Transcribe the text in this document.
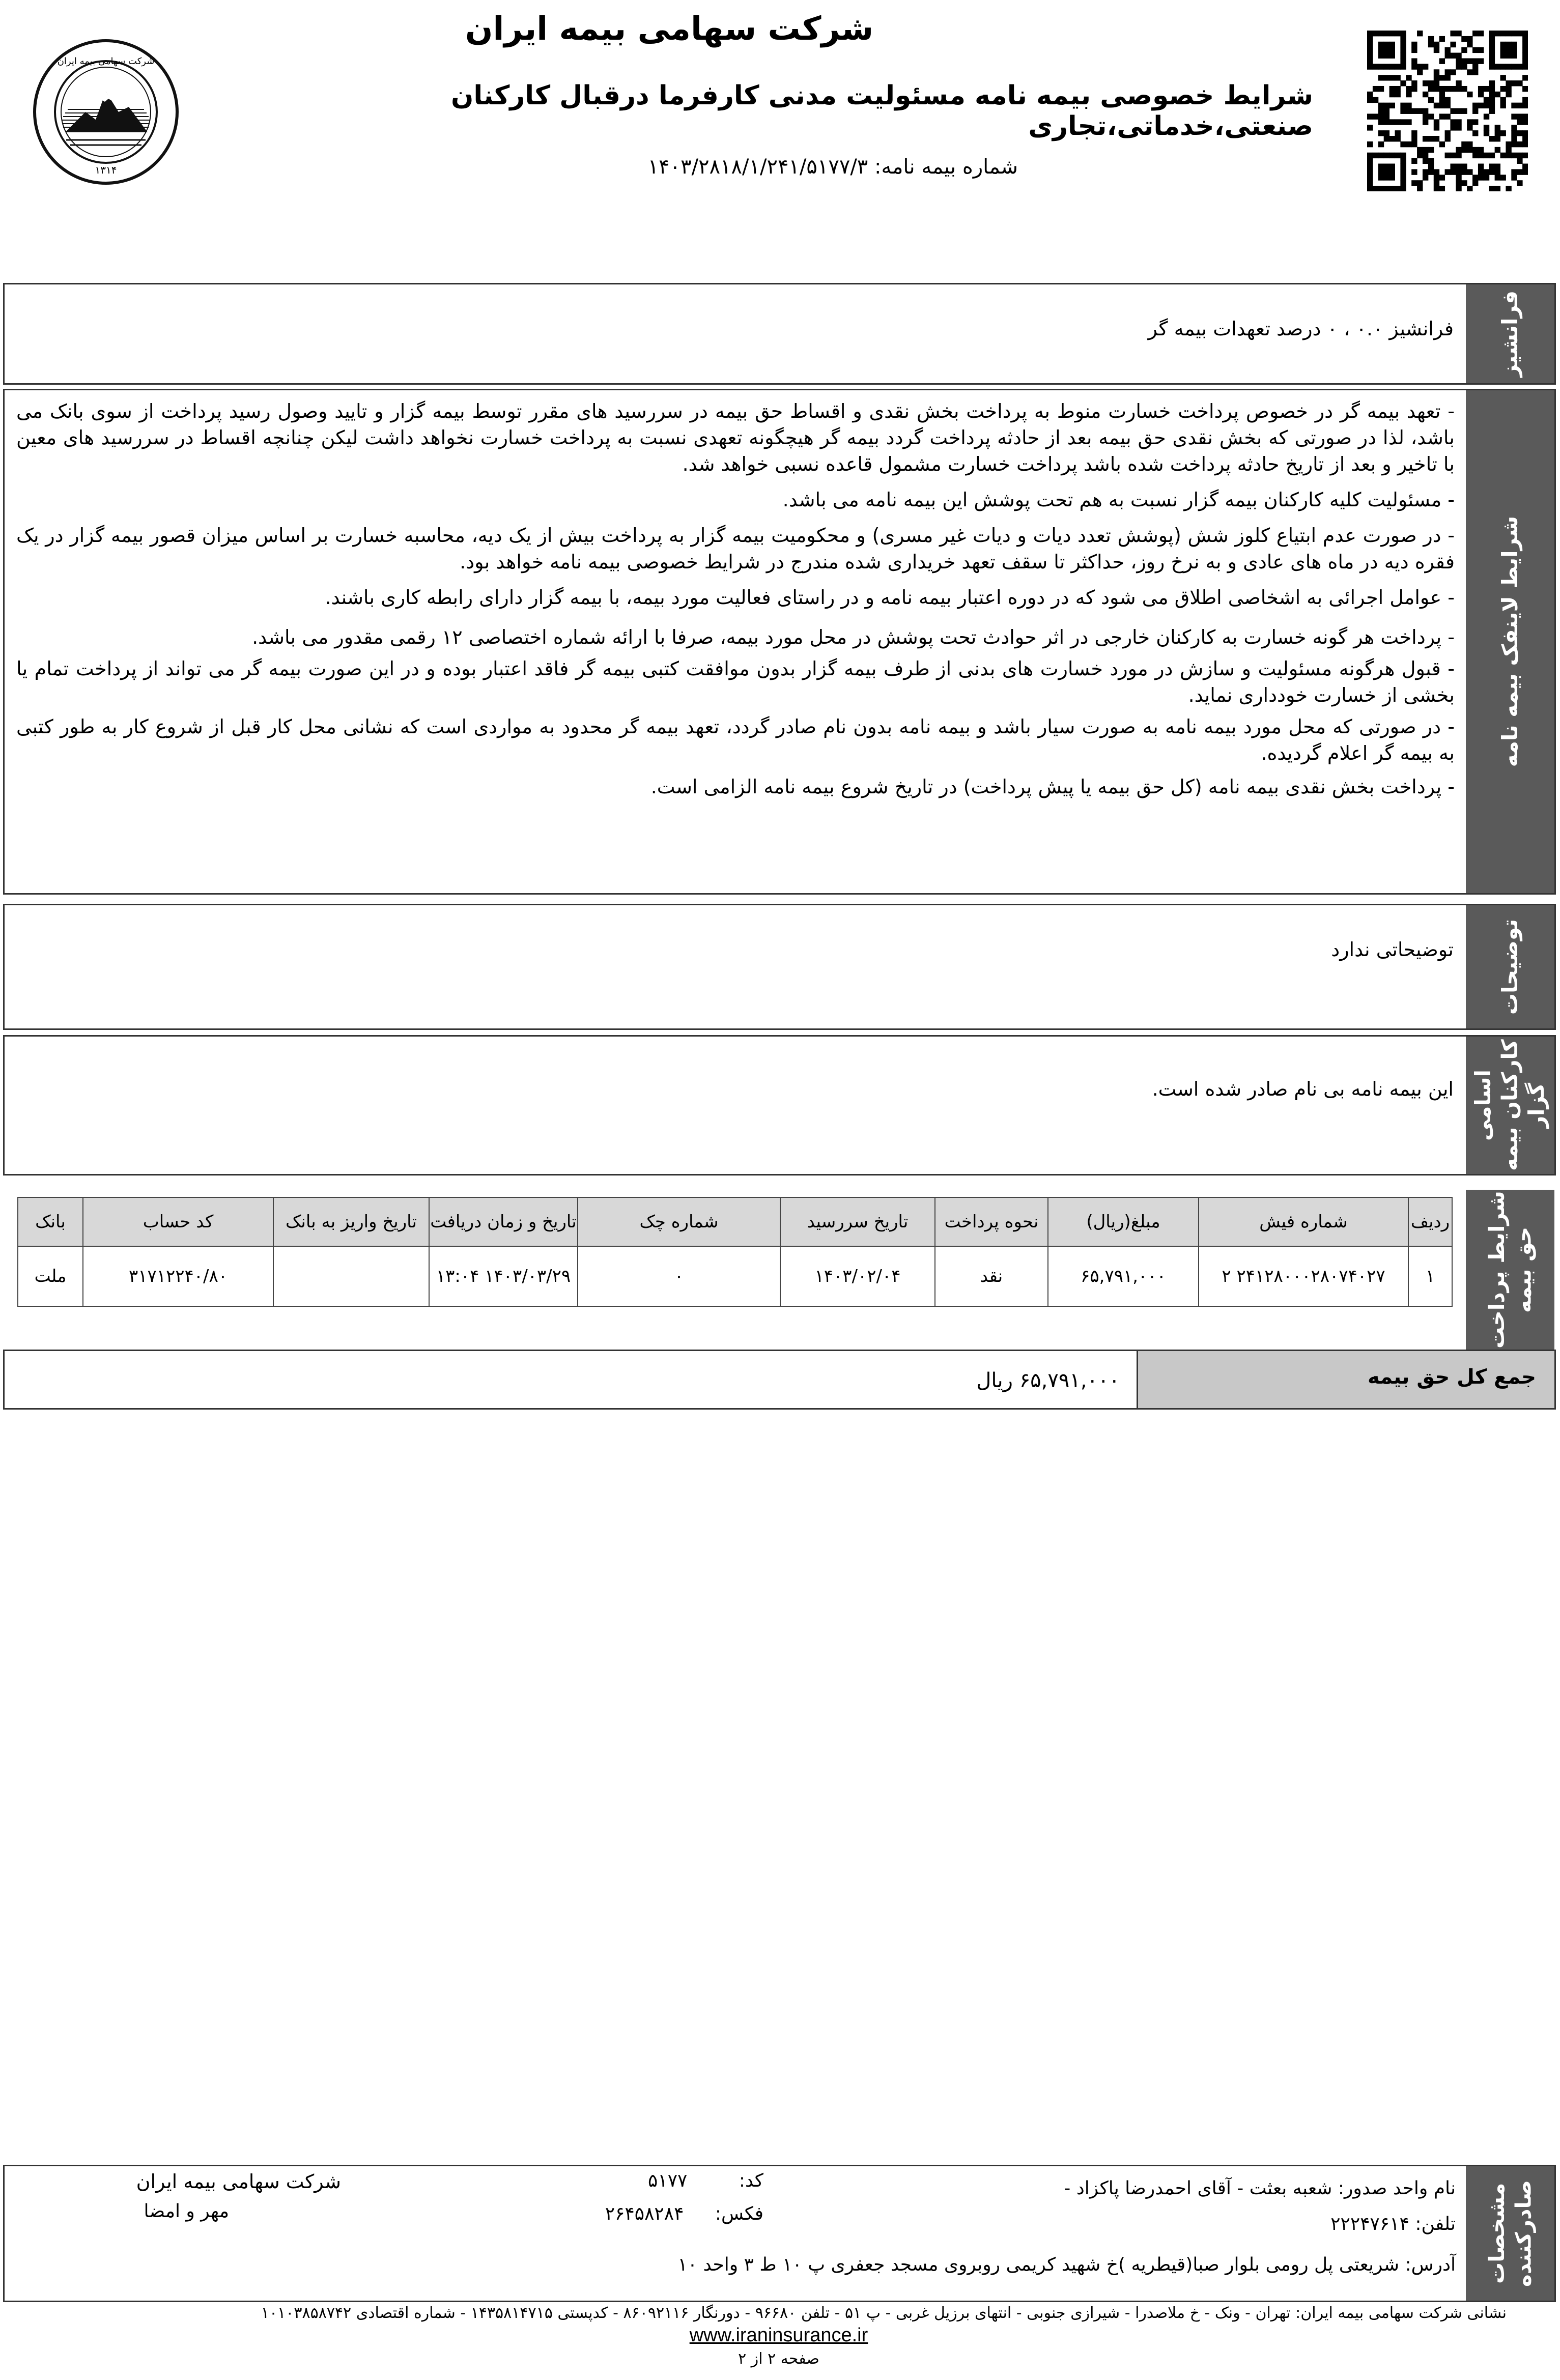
شرکت سهامی بیمه ایران
۱۳۱۴
شرکت سهامی بیمه ایران
شرایط خصوصی بیمه نامه مسئولیت مدنی کارفرما درقبال کارکنان صنعتی،خدماتی،تجاری
شماره بیمه نامه: ۱۴۰۳/۲۸۱۸/۱/۲۴۱/۵۱۷۷/۳
فرانشیز
فرانشیز ۰.۰ ، ۰ درصد تعهدات بیمه گر
شرایط لاینفک بیمه نامه

- تعهد بیمه گر در خصوص پرداخت خسارت منوط به پرداخت بخش نقدی و اقساط حق بیمه در سررسید های مقرر توسط بیمه گزار و تایید وصول رسید پرداخت از سوی بانک می باشد، لذا در صورتی که بخش نقدی حق بیمه بعد از حادثه پرداخت گردد بیمه گر هیچگونه تعهدی نسبت به پرداخت خسارت نخواهد داشت لیکن چنانچه اقساط در سررسید های معین با تاخیر و بعد از تاریخ حادثه پرداخت شده باشد پرداخت خسارت مشمول قاعده نسبی خواهد شد.

- مسئولیت کلیه کارکنان بیمه گزار نسبت به هم تحت پوشش این بیمه نامه می باشد.

- در صورت عدم ابتیاع کلوز شش (پوشش تعدد دیات و دیات غیر مسری) و محکومیت بیمه گزار به پرداخت بیش از یک دیه، محاسبه خسارت بر اساس میزان قصور بیمه گزار در یک فقره دیه در ماه های عادی و به نرخ روز، حداکثر تا سقف تعهد خریداری شده مندرج در شرایط خصوصی بیمه نامه خواهد بود.

- عوامل اجرائی به اشخاصی اطلاق می شود که در دوره اعتبار بیمه نامه و در راستای فعالیت مورد بیمه، با بیمه گزار دارای رابطه کاری باشند.

- پرداخت هر گونه خسارت به کارکنان خارجی در اثر حوادث تحت پوشش در محل مورد بیمه، صرفا با ارائه شماره اختصاصی ۱۲ رقمی مقدور می باشد.

- قبول هرگونه مسئولیت و سازش در مورد خسارت های بدنی از طرف بیمه گزار بدون موافقت کتبی بیمه گر فاقد اعتبار بوده و در این صورت بیمه گر می تواند از پرداخت تمام یا بخشی از خسارت خودداری نماید.

- در صورتی که محل مورد بیمه نامه به صورت سیار باشد و بیمه نامه بدون نام صادر گردد، تعهد بیمه گر محدود به مواردی است که نشانی محل کار قبل از شروع کار به طور کتبی به بیمه گر اعلام گردیده.

- پرداخت بخش نقدی بیمه نامه (کل حق بیمه یا پیش پرداخت) در تاریخ شروع بیمه نامه الزامی است.

توضیحات
توضیحاتی ندارد
اسامی کارکنان بیمه گزار
این بیمه نامه بی نام صادر شده است.
شرایط پرداخت حق بیمه
ردیف	شماره فیش	مبلغ(ریال)	نحوه پرداخت	تاریخ سررسید	شماره چک	تاریخ و زمان دریافت	تاریخ واریز به بانک	کد حساب	بانک
۱	۲۴۱۲۸۰۰۰۲۸۰۷۴۰۲۷ ۲	۶۵,۷۹۱,۰۰۰	نقد	۱۴۰۳/۰۲/۰۴	۰	۱۴۰۳/۰۳/۲۹ ۱۳:۰۴		۳۱۷۱۲۲۴۰/۸۰	ملت
جمع کل حق بیمه
۶۵,۷۹۱,۰۰۰ ریال
مشخصات صادرکننده
نام واحد صدور: شعبه بعثت - آقای احمدرضا پاکزاد -
تلفن: ۲۲۲۴۷۶۱۴
کد: ۵۱۷۷
فکس: ۲۶۴۵۸۲۸۴
شرکت سهامی بیمه ایران
مهر و امضا
آدرس: شریعتی پل رومی بلوار صبا(قیطریه )خ شهید کریمی روبروی مسجد جعفری پ ۱۰ ط ۳ واحد ۱۰
نشانی شرکت سهامی بیمه ایران: تهران - ونک - خ ملاصدرا - شیرازی جنوبی - انتهای برزیل غربی - پ ۵۱ - تلفن ۹۶۶۸۰ - دورنگار ۸۶۰۹۲۱۱۶ - کدپستی ۱۴۳۵۸۱۴۷۱۵ - شماره اقتصادی ۱۰۱۰۳۸۵۸۷۴۲
www.iraninsurance.ir
صفحه ۲ از ۲
